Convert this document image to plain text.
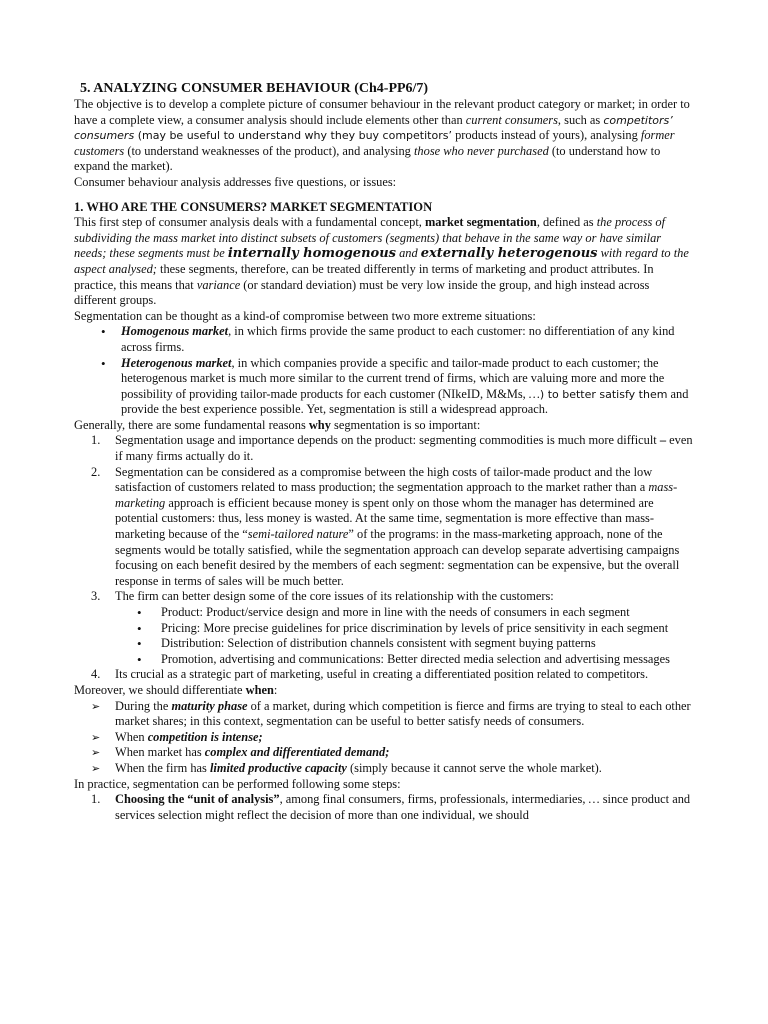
5. ANALYZING CONSUMER BEHAVIOUR (Ch4-PP6/7)

The objective is to develop a complete picture of consumer behaviour in the relevant product category or market; in order to have a complete view, a consumer analysis should include elements other than current consumers, such as competitors’ consumers (may be useful to understand why they buy competitors’ products instead of yours), analysing former customers (to understand weaknesses of the product), and analysing those who never purchased (to understand how to expand the market).

Consumer behaviour analysis addresses five questions, or issues:

1. WHO ARE THE CONSUMERS? MARKET SEGMENTATION

This first step of consumer analysis deals with a fundamental concept, market segmentation, defined as the process of subdividing the mass market into distinct subsets of customers (segments) that behave in the same way or have similar needs; these segments must be internally homogenous and externally heterogenous with regard to the aspect analysed; these segments, therefore, can be treated differently in terms of marketing and product attributes. In practice, this means that variance (or standard deviation) must be very low inside the group, and high instead across different groups.

Segmentation can be thought as a kind-of compromise between two more extreme situations:

• Homogenous market, in which firms provide the same product to each customer: no differentiation of any kind across firms.
• Heterogenous market, in which companies provide a specific and tailor-made product to each customer; the heterogenous market is much more similar to the current trend of firms, which are valuing more and more the possibility of providing tailor-made products for each customer (NIkeID, M&Ms, …) to better satisfy them and provide the best experience possible. Yet, segmentation is still a widespread approach.

Generally, there are some fundamental reasons why segmentation is so important:

1. Segmentation usage and importance depends on the product: segmenting commodities is much more difficult – even if many firms actually do it.
2. Segmentation can be considered as a compromise between the high costs of tailor-made product and the low satisfaction of customers related to mass production; the segmentation approach to the market rather than a mass-marketing approach is efficient because money is spent only on those whom the manager has determined are potential customers: thus, less money is wasted. At the same time, segmentation is more effective than mass-marketing because of the “semi-tailored nature” of the programs: in the mass-marketing approach, none of the segments would be totally satisfied, while the segmentation approach can develop separate advertising campaigns focusing on each benefit desired by the members of each segment: segmentation can be expensive, but the overall response in terms of sales will be much better.
3. The firm can better design some of the core issues of its relationship with the customers:
• Product: Product/service design and more in line with the needs of consumers in each segment
• Pricing: More precise guidelines for price discrimination by levels of price sensitivity in each segment
• Distribution: Selection of distribution channels consistent with segment buying patterns
• Promotion, advertising and communications: Better directed media selection and advertising messages
4. Its crucial as a strategic part of marketing, useful in creating a differentiated position related to competitors.

Moreover, we should differentiate when:

➢ During the maturity phase of a market, during which competition is fierce and firms are trying to steal to each other market shares; in this context, segmentation can be useful to better satisfy needs of consumers.
➢ When competition is intense;
➢ When market has complex and differentiated demand;
➢ When the firm has limited productive capacity (simply because it cannot serve the whole market).

In practice, segmentation can be performed following some steps:

1. Choosing the “unit of analysis”, among final consumers, firms, professionals, intermediaries, … since product and services selection might reflect the decision of more than one individual, we should
